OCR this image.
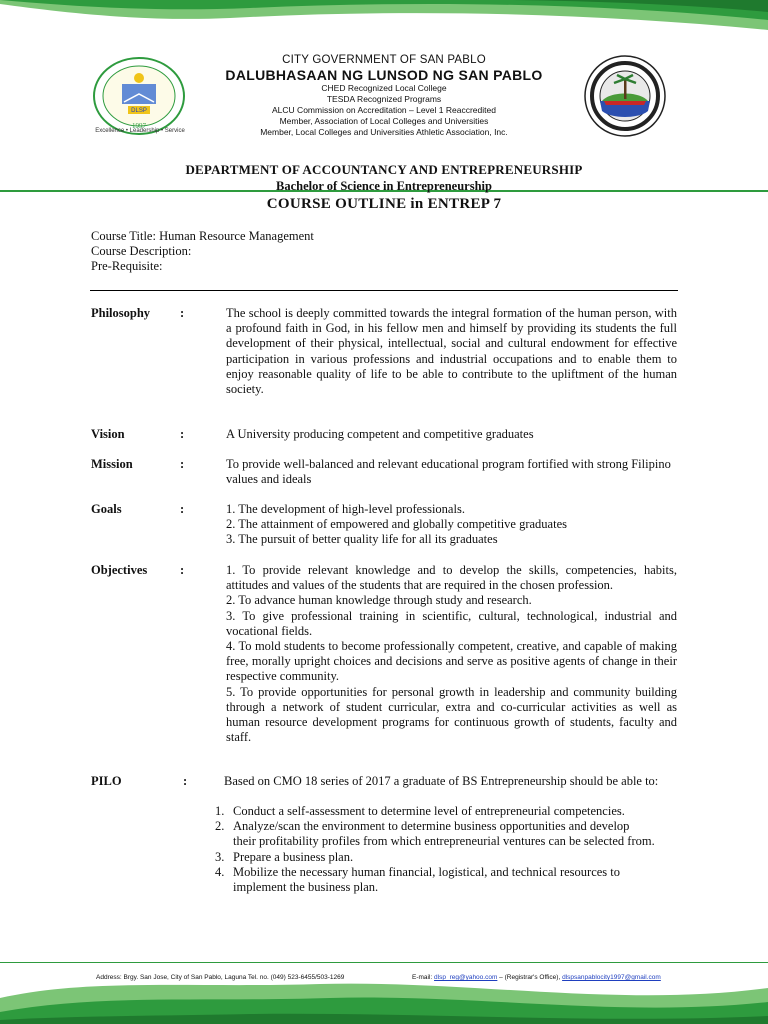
DLSP
1997
Excellence • Leadership • Service
CITY GOVERNMENT OF SAN PABLO
DALUBHASAAN NG LUNSOD NG SAN PABLO
CHED Recognized Local College
TESDA Recognized Programs
ALCU Commission on Accreditation – Level 1 Reaccredited
Member, Association of Local Colleges and Universities
Member, Local Colleges and Universities Athletic Association, Inc.
DEPARTMENT OF ACCOUNTANCY AND ENTREPRENEURSHIP
Bachelor of Science in Entrepreneurship
COURSE OUTLINE in ENTREP 7
Course Title: Human Resource Management
Course Description:
Pre-Requisite:
Philosophy :	The school is deeply committed towards the integral formation of the human person, with a profound faith in God, in his fellow men and himself by providing its students the full development of their physical, intellectual, social and cultural endowment for effective participation in various professions and industrial occupations and to enable them to enjoy reasonable quality of life to be able to contribute to the upliftment of the human society.

Vision	:	A University producing competent and competitive graduates

Mission	:	To provide well-balanced and relevant educational program fortified with strong Filipino values and ideals

Goals	:	1. The development of high-level professionals.

2. The attainment of empowered and globally competitive graduates

3. The pursuit of better quality life for all its graduates

Objectives	:	1. To provide relevant knowledge and to develop the skills, competencies, habits, attitudes and values of the students that are required in the chosen profession.

2. To advance human knowledge through study and research.

3. To give professional training in scientific, cultural, technological, industrial and vocational fields.

4. To mold students to become professionally competent, creative, and capable of making free, morally upright choices and decisions and serve as positive agents of change in their respective community.

5. To provide opportunities for personal growth in leadership and community building through a network of student curricular, extra and co-curricular activities as well as human resource development programs for continuous growth of students, faculty and staff.

PILO	:	Based on CMO 18 series of 2017 a graduate of BS Entrepreneurship should be able to:
1. Conduct a self-assessment to determine level of entrepreneurial competencies.
2. Analyze/scan the environment to determine business opportunities and develop their profitability profiles from which entrepreneurial ventures can be selected from.
3. Prepare a business plan.
4. Mobilize the necessary human financial, logistical, and technical resources to implement the business plan.
Address: Brgy. San Jose, City of San Pablo, Laguna Tel. no. (049) 523-6455/503-1269	E-mail: dlsp_reg@yahoo.com – (Registrar's Office), dlspsanpablocity1997@gmail.com
